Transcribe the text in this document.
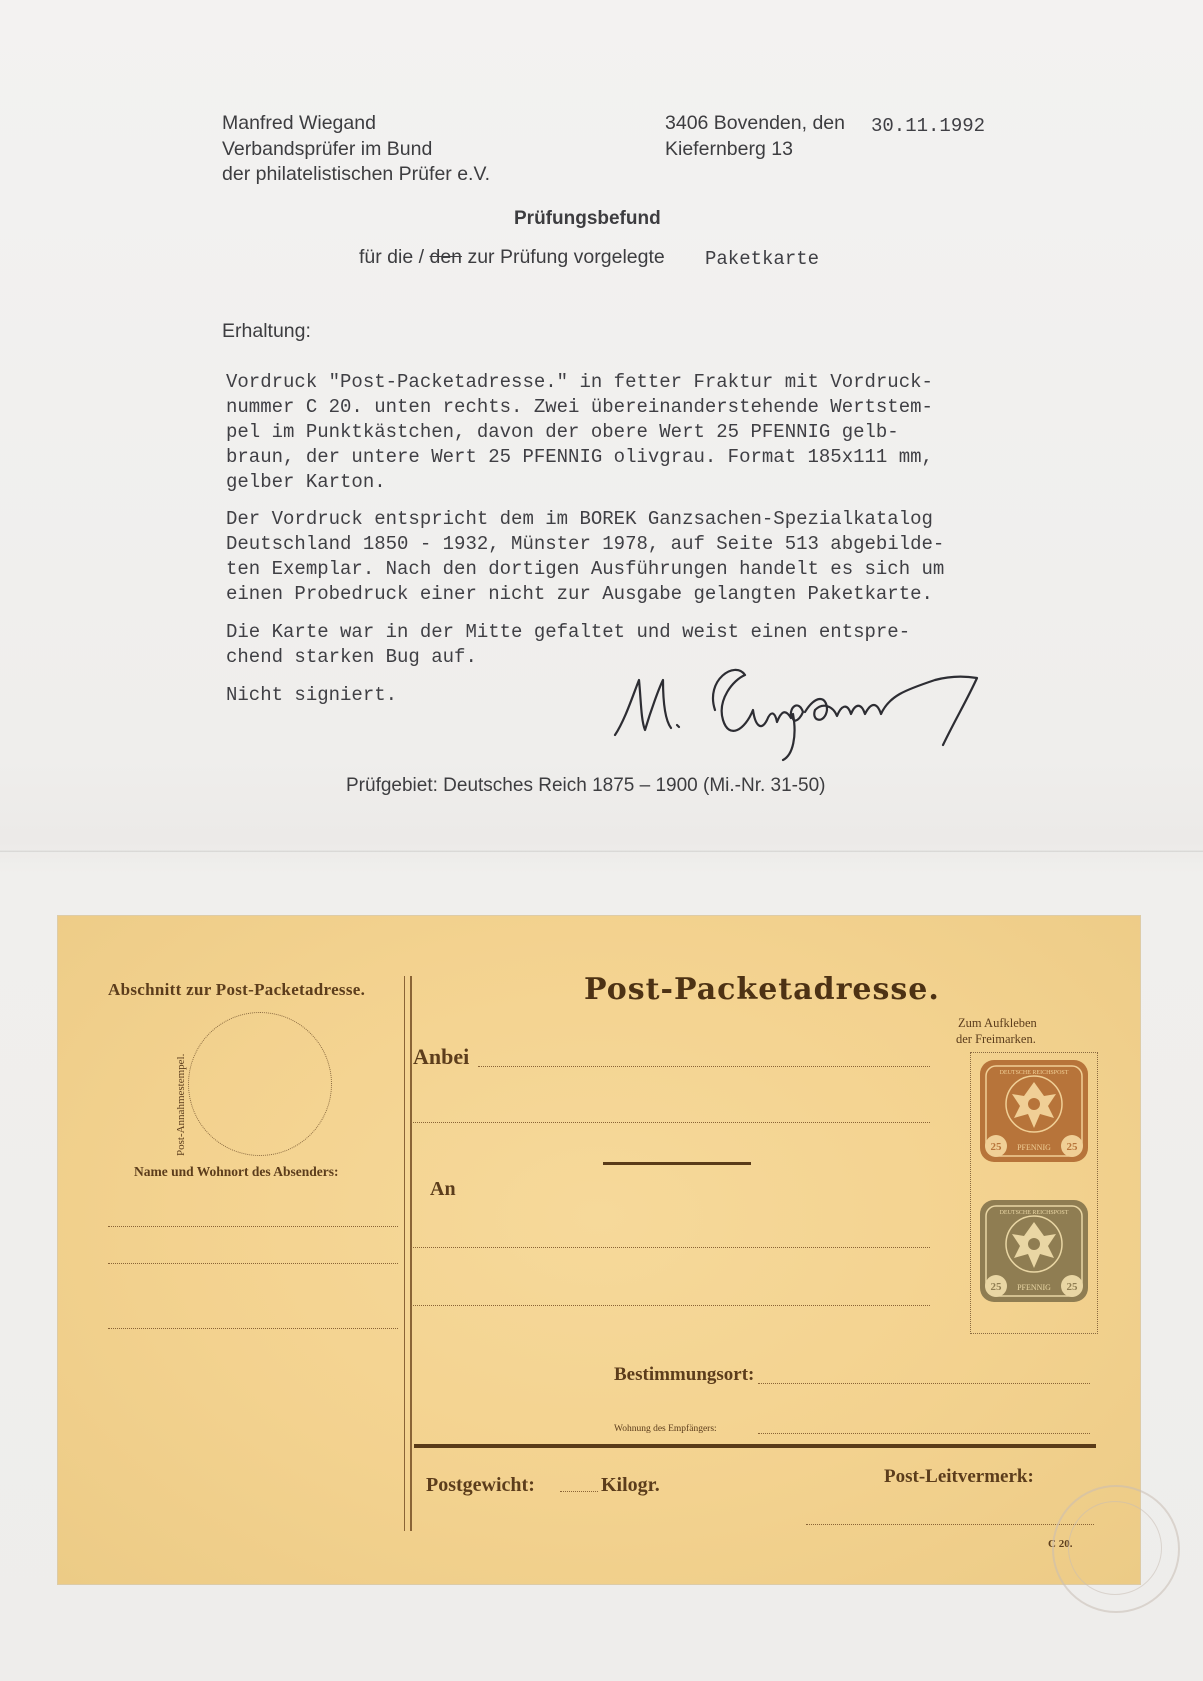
Manfred Wiegand
Verbandsprüfer im Bund
der philatelistischen Prüfer e.V.
3406 Bovenden, den 30.11.1992
Kiefernberg 13
Prüfungsbefund
für die / den zur Prüfung vorgelegte Paketkarte
Erhaltung:
Vordruck "Post-Packetadresse." in fetter Fraktur mit Vordruck-
nummer C 20. unten rechts. Zwei übereinanderstehende Wertstem-
pel im Punktkästchen, davon der obere Wert 25 PFENNIG gelb-
braun, der untere Wert 25 PFENNIG olivgrau. Format 185x111 mm,
gelber Karton.
Der Vordruck entspricht dem im BOREK Ganzsachen-Spezialkatalog
Deutschland 1850 - 1932, Münster 1978, auf Seite 513 abgebilde-
ten Exemplar. Nach den dortigen Ausführungen handelt es sich um
einen Probedruck einer nicht zur Ausgabe gelangten Paketkarte.
Die Karte war in der Mitte gefaltet und weist einen entspre-
chend starken Bug auf.
Nicht signiert.
Prüfgebiet: Deutsches Reich 1875 – 1900 (Mi.-Nr. 31-50)
Abschnitt zur Post-Packetadresse.
Post-Annahmestempel.
Name und Wohnort des Absenders:
Post-Packetadresse.
Zum Aufkleben
der Freimarken.
Anbei
An
25	25
PFENNIG
DEUTSCHE REICHSPOST
25	25
PFENNIG
DEUTSCHE REICHSPOST
Bestimmungsort:
Wohnung des Empfängers:
Postgewicht:	Kilogr.	Post-Leitvermerk:
C 20.
